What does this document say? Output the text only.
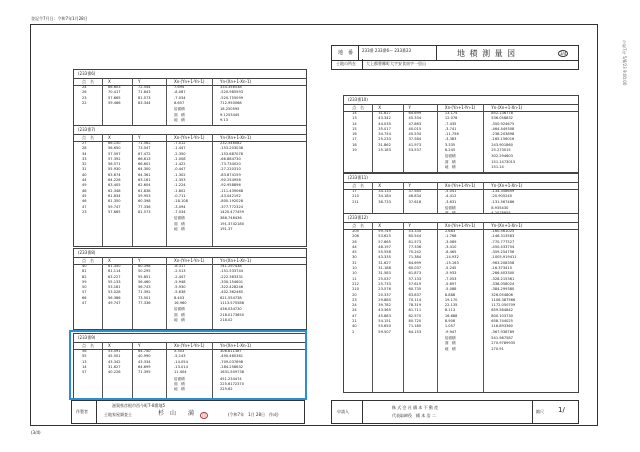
登記令7月日：令和7年1月28日
(3/4)
令和7年 5/8/23 9:00:00
地　番 233番 233番6～ 233番23	地 積 測 量 図	3/4
土地の所在	大上郡豊郷町大字安食南字一里山
(233番6)
点　名	X	Y	Xn·(Yn+1-Yn-1)	Yn·(Xn+1-Xn-1)
24	66.603	72.544	7.694	334.356538
26	70.417	71.843	-8.067	-520.985593
23	57.665	81.573	-7.034	-520.755099
22	59.466	83.344	6.657	712.950068
倍面積	18.250595
面　積	9.1253445
地　積	9.13
(233番7)
点　名	X	Y	Xn·(Yn+1-Yn-1)	Yn·(Xn+1-Xn-1)
27	66.150	71.562	-7.012	232.546082
28	56.650	73.547	-1.447	-153.203038
34	57.597	67.472	-2.350	-153.687078
33	57.392	66.613	-1.008	-66.884730
32	56.571	66.601	-1.422	-73.734020
31	55.930	64.300	-0.447	-27.220310
40	63.674	64.361	-1.302	-83.874159
44	64.226	63.161	-1.353	-90.254958
49	63.405	62.604	-1.224	-92.958896
48	62.348	61.838	-1.802	-111.439068
45	61.834	59.953	-0.711	-43.042192
46	61.350	60.398	-18.108	-800.192028
47	59.747	77.336	-3.094	-377.772324
23	57.665	81.573	-7.034	1420.477459
倍面積	386.748436
面　積	191.3742180
地　積	191.37
(233番8)
点　名	X	Y	Xn·(Yn+1-Yn-1)	Yn·(Xn+1-Xn-1)
40	61.350	60.398	-8.317	741.297438
81	61.114	50.295	-2.513	-151.533744
82	63.227	55.851	-2.447	-222.363331
59	55.133	56.460	-5.948	-330.154601
50	53.181	56.743	-5.930	-322.428246
57	53.028	71.392	-5.638	-402.362465
66	56.386	73.501	8.403	621.554738
47	49.747	77.336	16.960	1113.575586
倍面積	436.034730
面　積	218.0173650
地　積	218.02
(233番9)
点　名	X	Y	Xn·(Yn+1-Yn-1)	Yn·(Xn+1-Xn-1)
56	53.591	64.740	5.303	306.811387
55	45.501	40.990	-5.143	-490.460361
13	43.342	43.334	-14.054	-709.037698
14	31.627	64.699	-13.014	-184.258632
57	40.226	71.395	11.404	1631.509738
倍面積	451.234474
面　積	225.6172370
地　積	225.62
(233番10)
点　名	X	Y	Xn·(Yn+1-Yn-1)	Yn·(Xn+1-Xn-1)
14	31.627	64.699	13.174	852.136778
13	43.342	45.334	12.078	536.058832
14	44.035	47.863	-7.435	-350.924675
15	35.017	40.015	-3.741	-464.449308
16	34.754	45.534	-11.756	-238.203898
17	25.233	37.584	-3.383	-165.156016
18	31.862	41.973	3.335	243.901860
19	25.183	53.537	6.245	25.273015
倍面積	302.294603
面　積	151.1473015
地　積	151.14
(233番11)
点　名	X	Y	Xn·(Yn+1-Yn-1)	Yn·(Xn+1-Xn-1)
17	34.133	37.585	-5.041	-134.358659
210	34.184	46.834	-4.412	-20.905240
211	38.733	37.618	-3.631	-131.567486
倍面積	8.935430
(233番12)
点　名	X	Y	Xn·(Yn+1-Yn-1)	Yn·(Xn+1-Xn-1)
205	59.749	53.334	2.683	-160.561025
206	53.625	60.544	-1.768	-146.313583
26	57.665	81.573	-3.089	-770.777527
44	48.197	77.336	-3.410	-450.433754
45	55.558	70.242	-6.465	-359.254756
30	43.335	71.384	-14.932	-1005.919411
31	31.627	64.699	-15.163	-963.208358
10	31.188	60.037	-5.245	-16.373415
10	31.583	61.873	-5.933	-266.403300
11	25.037	57.133	-7.053	-328.215361
212	25.733	57.619	-5.697	-338.058024
210	23.576	60.735	-5.088	-384.299380
20	20.337	63.837	8.888	326.054806
23	29.880	70.114	19.170	1106.387566
24	39.782	78.319	22.135	1172.050709
24	43.365	81.711	8.113	659.584842
47	45.883	82.570	16.688	800.103730
21	54.151	80.720	8.908	658.744025
40	55.650	71.180	1.057	116.893360
2	59.507	64.153	-9.947	-367.938769
倍面積	541.987587
面　積	270.9789935
地　積	270.91
作製者
滋賀県彦根市西今町7-8番地5
土地家屋調査士	杉　山　　満	印	(令和7年　1月 28日　作成)
申請人
株 式 会 社 橋 本 不 動 産
代表取締役　橋 本 浩 二
縮尺 1/
